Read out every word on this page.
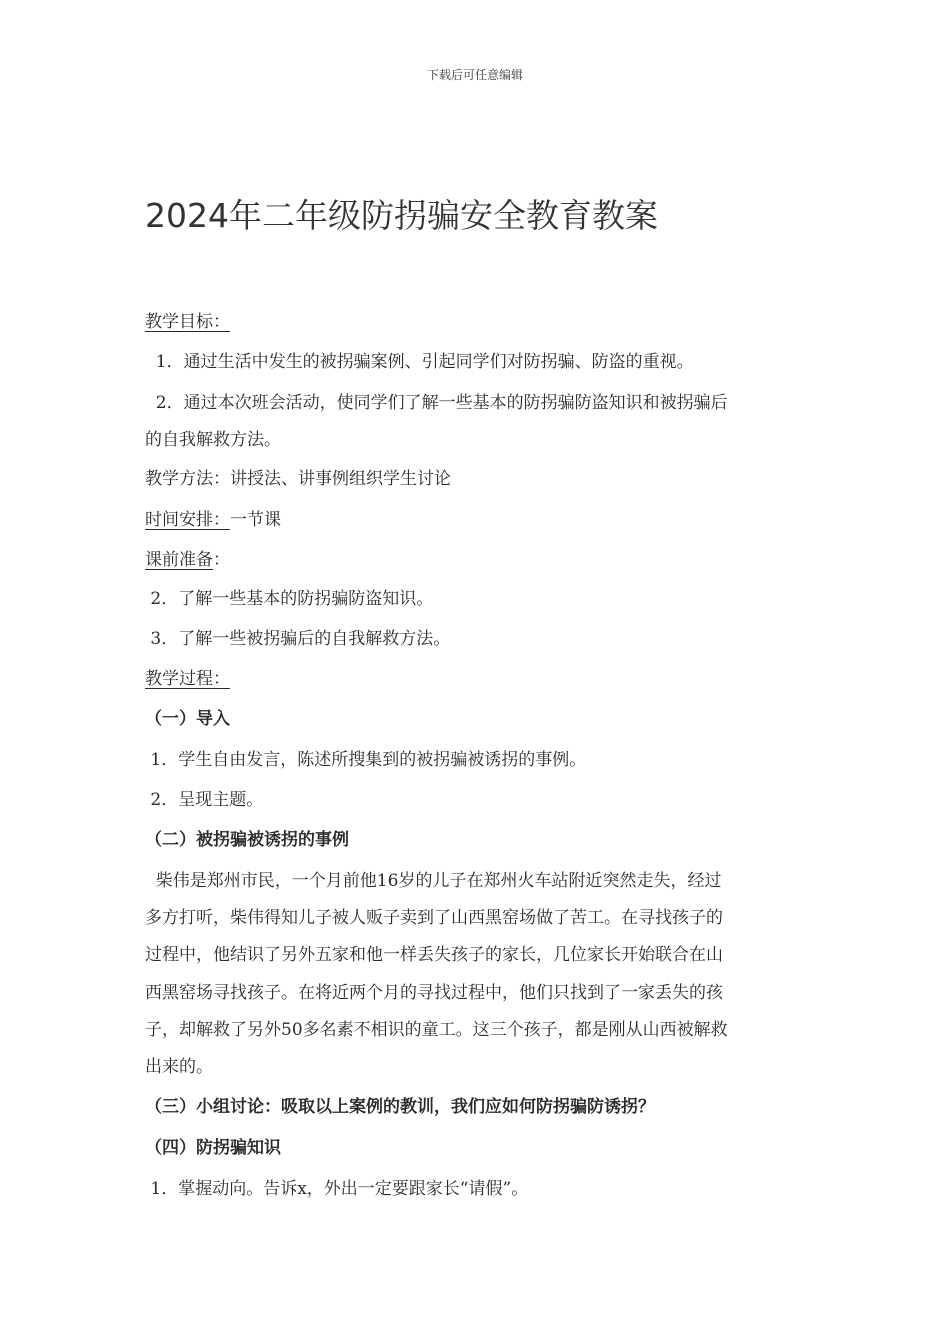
下载后可任意编辑
2024年二年级防拐骗安全教育教案
教学目标：
1．通过生活中发生的被拐骗案例、引起同学们对防拐骗、防盗的重视。
2．通过本次班会活动，使同学们了解一些基本的防拐骗防盗知识和被拐骗后
的自我解救方法。
教学方法：讲授法、讲事例组织学生讨论
时间安排：一节课
课前准备：
2．了解一些基本的防拐骗防盗知识。
3．了解一些被拐骗后的自我解救方法。
教学过程：
（一）导入
1．学生自由发言，陈述所搜集到的被拐骗被诱拐的事例。
2．呈现主题。
（二）被拐骗被诱拐的事例
柴伟是郑州市民，一个月前他16岁的儿子在郑州火车站附近突然走失，经过
多方打听，柴伟得知儿子被人贩子卖到了山西黑窑场做了苦工。在寻找孩子的
过程中，他结识了另外五家和他一样丢失孩子的家长，几位家长开始联合在山
西黑窑场寻找孩子。在将近两个月的寻找过程中，他们只找到了一家丢失的孩
子，却解救了另外50多名素不相识的童工。这三个孩子，都是刚从山西被解救
出来的。
（三）小组讨论：吸取以上案例的教训，我们应如何防拐骗防诱拐？
（四）防拐骗知识
1．掌握动向。告诉x，外出一定要跟家长“请假”。
